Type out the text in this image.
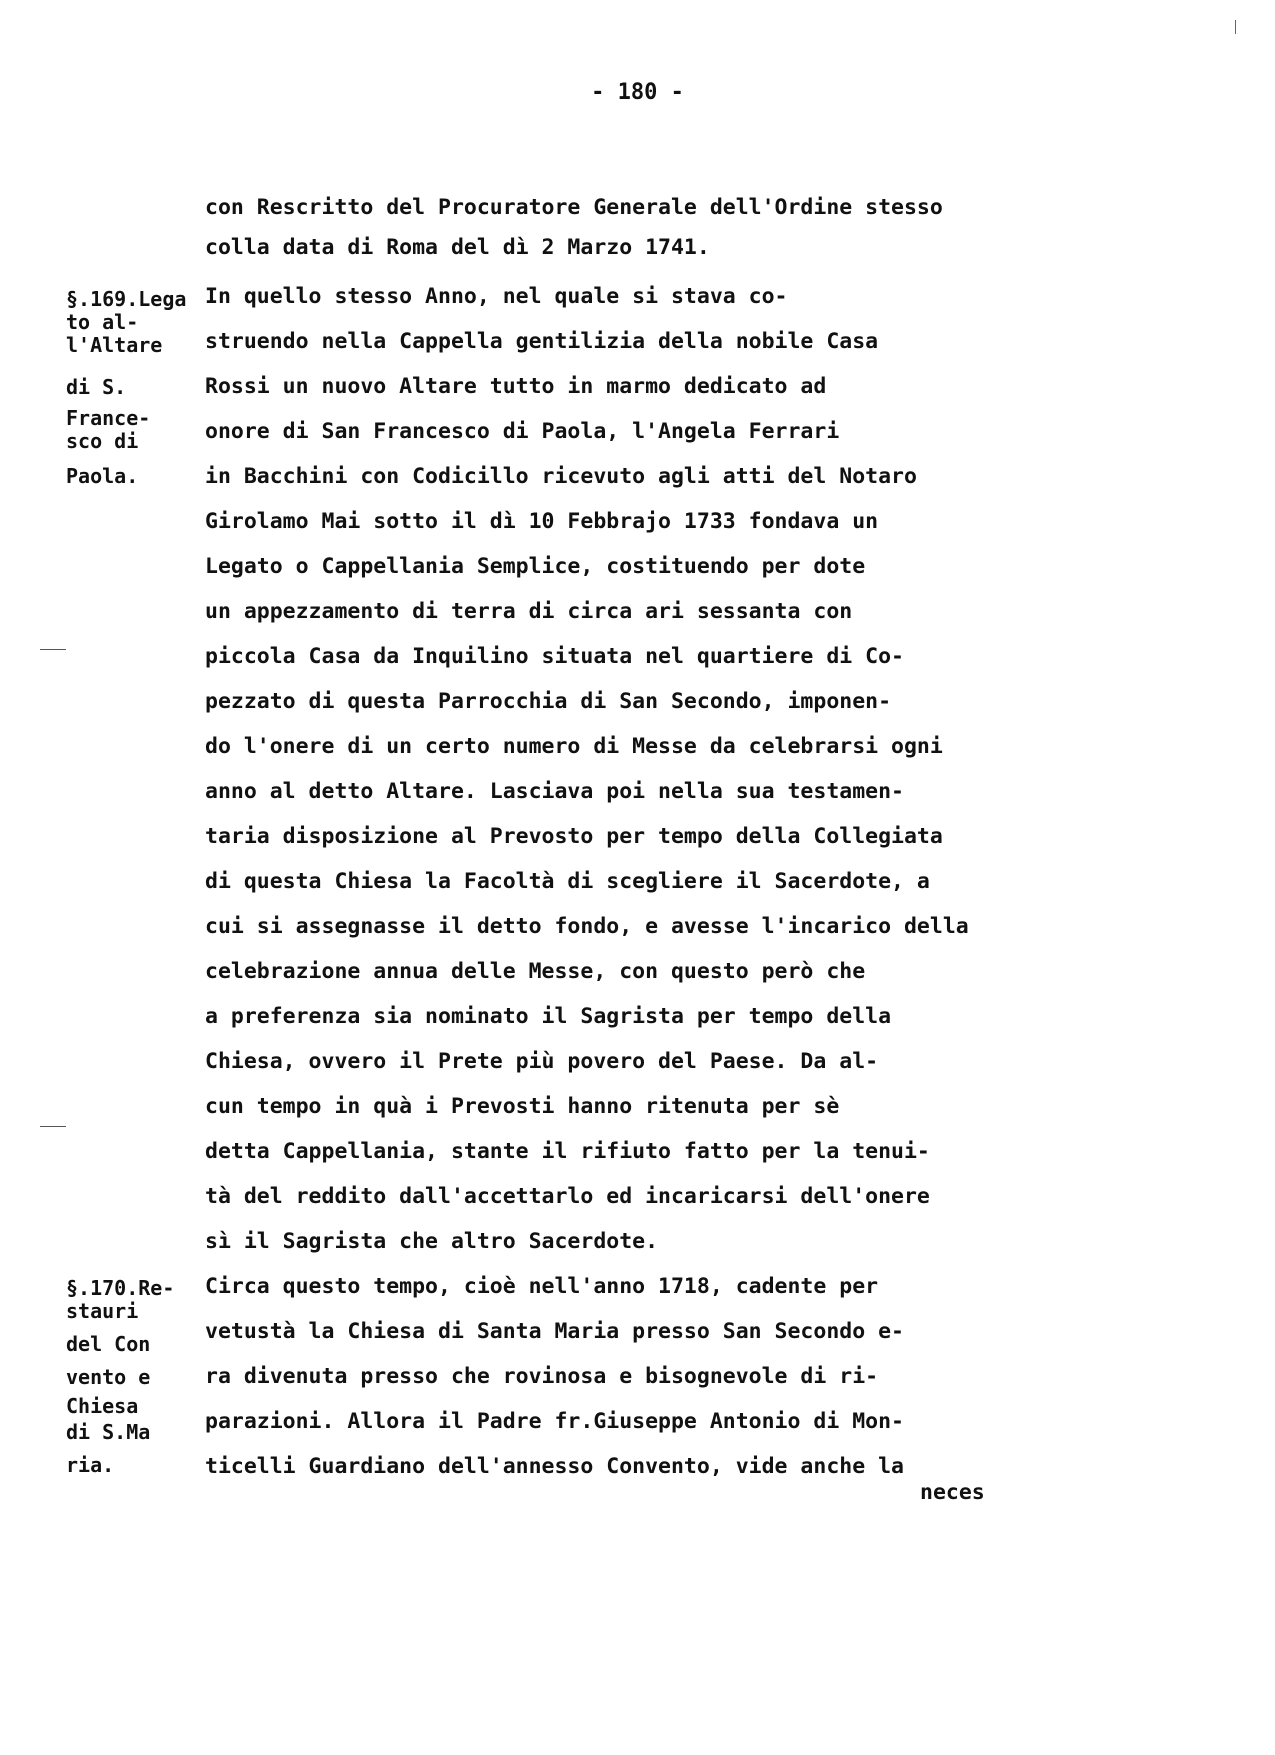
- 180 -
con Rescritto del Procuratore Generale dell'Ordine stesso
colla data di Roma del dì 2 Marzo 1741.
In quello stesso Anno, nel quale si stava co-
struendo nella Cappella gentilizia della nobile Casa
Rossi un nuovo Altare tutto in marmo dedicato ad
onore di San Francesco di Paola, l'Angela Ferrari
in Bacchini con Codicillo ricevuto agli atti del Notaro
Girolamo Mai sotto il dì 10 Febbrajo 1733 fondava un
Legato o Cappellania Semplice, costituendo per dote
un appezzamento di terra di circa ari sessanta con
piccola Casa da Inquilino situata nel quartiere di Co-
pezzato di questa Parrocchia di San Secondo, imponen-
do l'onere di un certo numero di Messe da celebrarsi ogni
anno al detto Altare. Lasciava poi nella sua testamen-
taria disposizione al Prevosto per tempo della Collegiata
di questa Chiesa la Facoltà di scegliere il Sacerdote, a
cui si assegnasse il detto fondo, e avesse l'incarico della
celebrazione annua delle Messe, con questo però che
a preferenza sia nominato il Sagrista per tempo della
Chiesa, ovvero il Prete più povero del Paese. Da al-
cun tempo in quà i Prevosti hanno ritenuta per sè
detta Cappellania, stante il rifiuto fatto per la tenui-
tà del reddito dall'accettarlo ed incaricarsi dell'onere
sì il Sagrista che altro Sacerdote.
Circa questo tempo, cioè nell'anno 1718, cadente per
vetustà la Chiesa di Santa Maria presso San Secondo e-
ra divenuta presso che rovinosa e bisognevole di ri-
parazioni. Allora il Padre fr.Giuseppe Antonio di Mon-
ticelli Guardiano dell'annesso Convento, vide anche la
§.169.Lega
to al-
l'Altare
di S.
France-
sco di
Paola.
§.170.Re-
stauri
del Con
vento e
Chiesa
di S.Ma
ria.
neces
